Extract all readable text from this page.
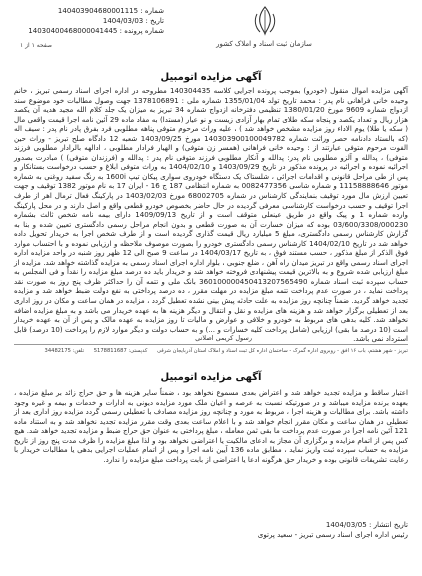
شماره : 140403904680001115
تاریخ : 1404/03/03
شماره پرونده : 14030400468000041445
سازمان ثبت اسناد و املاک کشور
صفحه ۱ از ۱
آگهی مزایده اتومبیل
آگهی مزایده اموال منقول (خودرو) بموجب پرونده اجرایی کلاسه 140304435 مطروحه در اداره اجرای اسناد رسمی تبریز ، خانم وحیده خانی فراهانی نام پدر : محمد تاریخ تولد 1355/01/04 شماره ملی : 1378106891 جهت وصول مطالبات خود موضوع سند ازدواج شماره 9609 مورخ 1380/01/20 تنظیمی دفترخانه ازدواج شماره 34 تبریز به میزان یک جلد کلام الله مجید هدیه آن یکصد هزار ریال و تعداد یکصد و پنجاه سکه طلای تمام بهار آزادی زیست و نو عیار (مستدا) به مفاد ماده 29 آئین نامه اجرا قیمت واقعی مال ( سکه یا طلا) یوم الاداء روز مزایده مشخص خواهد شد ) ، علیه وراث مرحوم متوفی پناهه مطلوبی فرد بفرق پادر نام پدر : سیف اله (که بالستاد دادنامه حصر وراثت شماره 140303900100049782 مورخ 1403/09/25 شعبه 12 دادگاه صلح تبریز - وراث حین الفوت مرحوم متوفی عبارتند از : وحیده خانی فراهانی (همسر زن متوفی) و الهیار فرادار مطلوبی ، ادالهه بالرادار مطلوبی فرزند متوفی) ، پدالله و آلزو مطلوبی نام پدر: پدالله و آنکار مطلوبی فرزند متوفی نام پدر : پدالله و (فرزندان متوفی) ) مبادرت بصدور اجرائیه نموده و اجرائیه در پرونده مذکور در تاریخ 1403/09/29 و 1404/02/10 به وراث متوفی ابلاغ و حسب درخواست بستانکار و پس از طی مراحل قانونی و اقدامات اجرائی ، شلستاک یک دستگاه خودروی سواری پیکان تیپ 1600i به رنگ سفید روغنی به شماره موتور 11158888646 و شماره شاسی 0082477356 به شماره انتظامی 187 ج 16 - ایران 17 به نام موتور 1382 توقیف و جهت تعیین ارزش مال مورد توقیف بنمایندگی کارشناس در شماره 68002705 مورخ 1403/02/03 در پارکینگ فعال ترمال اهر از طرف اجرا توقیف و حسب درخواست کارشناسی معرفی گردیده در حال حاضر بخصوص خودرو قطعی واقع و اصل دارند و در محل پارکینگ وارده شماره 1 و پیک واقع در طریق عینعلی متوقف است و از تاریخ 1409/09/13 دارای بیمه نامه شخص ثالث بشماره 03/600/3308/000230 بوده که میزان خسارت آن به صورت قطعی و بدون انجام مراحل رسمی دادگستری تعیین شده و بنا به گزارش کارشناس رسمی دادگستری، مبلغ 5 میلیارد ریال قیمت گذاری گردیده است و از طرف شخص اجرا به خریدار تحویل داده خواهد شد در تاریخ 1404/02/10 کارشناس رسمی دادگستری خودرو را بصورت موصوف ملاحظه و ارزیابی نموده و با احتساب موارد فوق الذکر از مبلغ مذکور ، حسب مستند فوق ، به تاریخ 1404/03/17 در ساعت 9 صبح الی 12 ظهر روز شنبه در واحد مزایده اداره اجرای اسناد رسمی واقع در تبریز میدان راه آهن ، ضلع جنوبی ، بلوار اداره اجرای اسناد رسمی به مزایده گذاشته خواهد شد. مزایده از مبلغ ارزیابی شده شروع و به بالاترین قیمت پیشنهادی فروخته خواهد شد و خریدار باید ده درصد مبلغ مزایده را نقداً و فی المجلس به حساب سپرده ثبت اسناد شماره 360100000450413207565490 بانک ملی و تتمه آن را حداکثر ظرف پنج روز به صورت نقد پرداخت نماید ، در صورت عدم پرداخت تتمه مبلغ مزایده در مهلت مقرر ، ده درصد پرداختی به نفع دولت ضبط خواهد شد و مزایده تجدید خواهد گردید. ضمناً چنانچه روز مزایده به علت حادثه پیش بینی نشده تعطیل گردد ، مزایده در همان ساعت و مکان در روز اداری بعد از تعطیلی برگزار خواهد شد و هزینه های مزایده و نقل و انتقال و دیگر هزینه ها به عهده خریدار می باشد و به مبلغ مزایده اضافه نخواهد شد. کلیه بدهی های مربوط به خودرو و خلافی و عوارض و مالیات تا روز مزایده به عهده مالک و پس از آن به عهده خریدار است (10 درصد ما بقی) ارزیابی (شامل پرداخت کلیه خسارات و ...) و به حساب دولت و دیگر موارد لازم را پرداخت (10 درصد) قابل استرداد نمی باشد.
رسول کریمی اصلانی
تبریز - شهر هشتم، باب ۱۶ افق - روبروی اداره گمرک - ساختمان اداره کل ثبت اسناد و املاک استان آذربایجان شرقی کدپستی: 5178811687 تلفن: 34482175
آگهی مزایده اتومبیل
اعتبار ساقط و مزایده تجدید خواهد شد و اعتراض بعدی مسموع نخواهد بود ، ضمناً سایر هزینه ها و حق حراج زائد بر مبلغ مزایده ، بعهده برنده مزایده میباشد و در صورتیکه نسبت به عرصه و اعیان ملک مورد مزایده دیونی به ادارات و خدمات و بیمه و غیره وجود داشته باشد. برای مطالبات و هزینه اجرا ، مربوط به مورد و چنانچه روز مزایده مصادف با تعطیلی رسمی گردد مزایده روز اداری بعد از تعطیلی در همان ساعت و مکان مقرر انجام خواهد شد و با اعلام ساعت بعدی وقت مقرر مزایده تجدید نخواهد شد و به استناد ماده 121 آئین نامه اجرا در صورت عدم پرداخت ما بقی ثمن معامله ، مبلغ پرداختی به عنوان حق حراج ضبط و مزایده تجدید خواهد شد. هیچ کس پس از اتمام مزایده و برگزاری آن مجاز به ادعای مالکیت یا اعتراضی نخواهد بود و لذا مبلغ مزایده را ظرف مدت پنج روز از تاریخ مزایده به حساب سپرده ثبت واریز نماید ، مطابق ماده 136 آیین نامه اجرا و پس از اتمام عملیات اجرایی بدهی یا مطالبات خریدار با رعایت تشریفات قانونی بوده و خریدار حق هرگونه ادعا یا اعتراضی از بابت پرداخت مبلغ مزایده را ندارد.
تاریخ انتشار : 1404/03/05
رئیس اداره اجرای اسناد رسمی تبریز - سعید پرتوی
